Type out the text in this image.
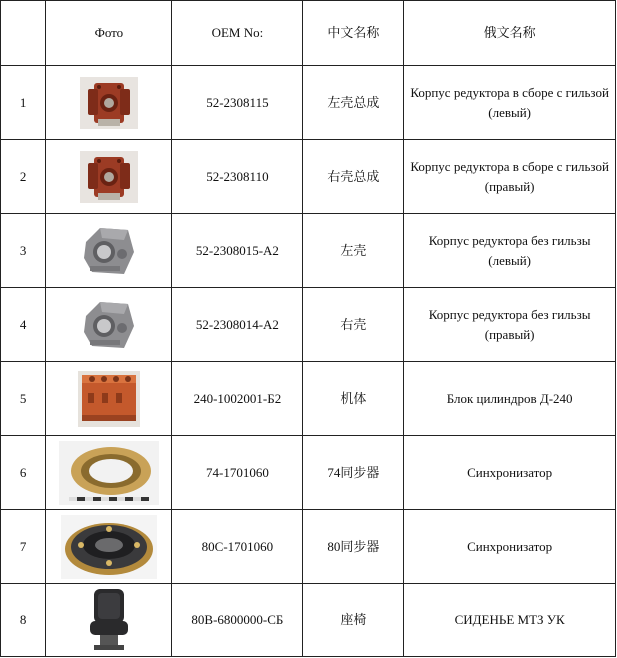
	Фото	OEM No:	中文名称	俄文名称
1		52-2308115	左壳总成	Корпус редуктора в сборе с гильзой (левый)
2		52-2308110	右壳总成	Корпус редуктора в сборе с гильзой (правый)
3		52-2308015-А2	左壳	Корпус редуктора без гильзы (левый)
4		52-2308014-А2	右壳	Корпус редуктора без гильзы (правый)
5		240-1002001-Б2	机体	Блок цилиндров Д-240
6		74-1701060	74同步器	Синхронизатор
7		80С-1701060	80同步器	Синхронизатор
8		80В-6800000-СБ	座椅	СИДЕНЬЕ МТЗ УК
